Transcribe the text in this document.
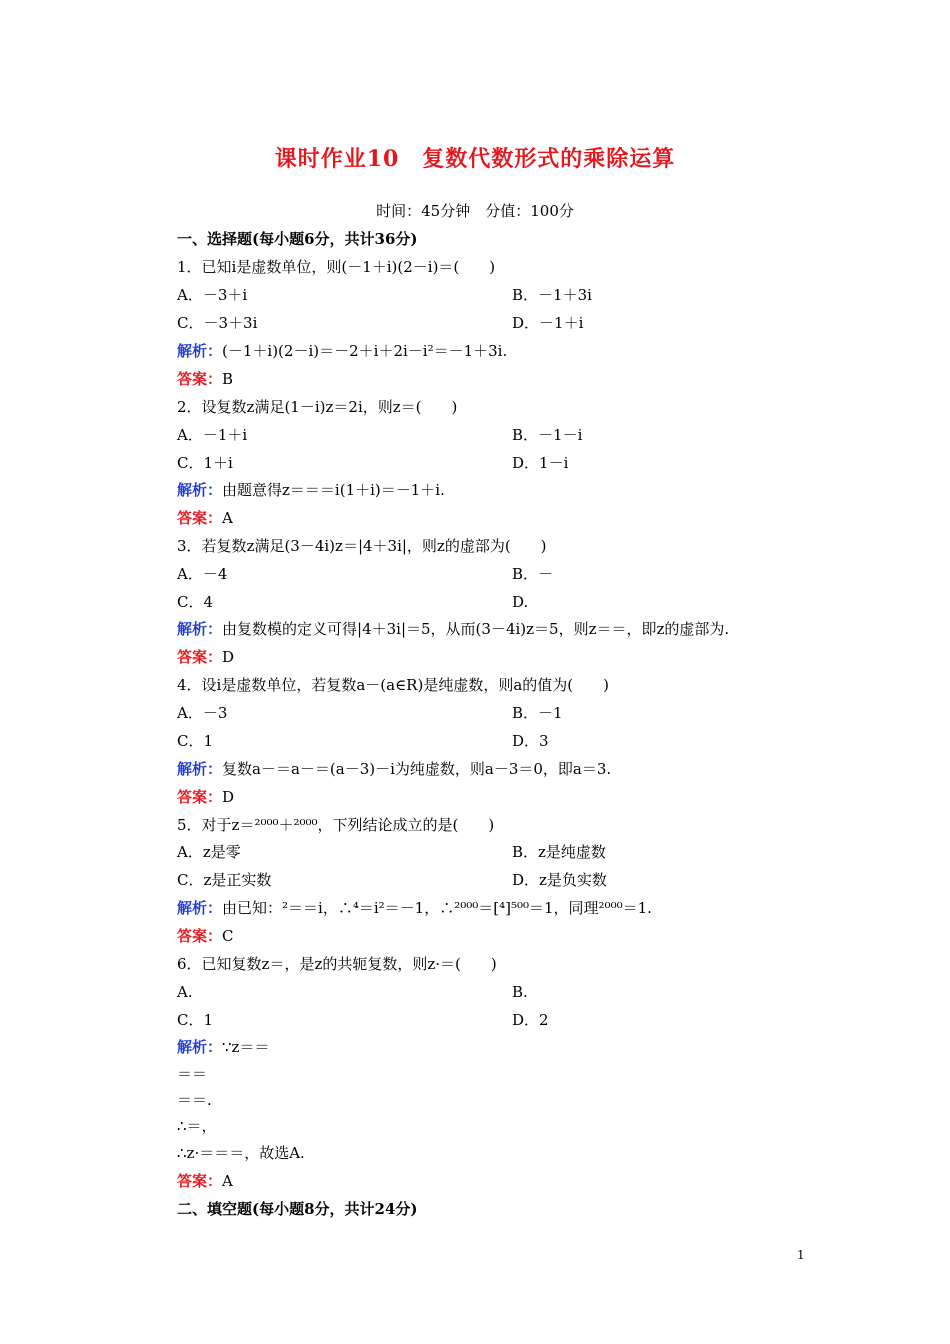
课时作业10　复数代数形式的乘除运算
时间：45分钟　分值：100分
一、选择题(每小题6分，共计36分)
1．已知i是虚数单位，则(－1＋i)(2－i)＝(　　)
A．－3＋i	B．－1＋3i
C．－3＋3i	D．－1＋i
解析：(－1＋i)(2－i)＝－2＋i＋2i－i²＝－1＋3i.
答案：B
2．设复数z满足(1－i)z＝2i，则z＝(　　)
A．－1＋i	B．－1－i
C．1＋i	D．1－i
解析：由题意得z＝＝＝i(1＋i)＝－1＋i.
答案：A
3．若复数z满足(3－4i)z＝|4＋3i|，则z的虚部为(　　)
A．－4	B．－
C．4	D.
解析：由复数模的定义可得|4＋3i|＝5，从而(3－4i)z＝5，则z＝＝，即z的虚部为.
答案：D
4．设i是虚数单位，若复数a－(a∈R)是纯虚数，则a的值为(　　)
A．－3	B．－1
C．1	D．3
解析：复数a－＝a－＝(a－3)－i为纯虚数，则a－3＝0，即a＝3.
答案：D
5．对于z＝²⁰⁰⁰＋²⁰⁰⁰，下列结论成立的是(　　)
A．z是零	B．z是纯虚数
C．z是正实数	D．z是负实数
解析：由已知：²＝＝i，∴⁴＝i²＝－1，∴²⁰⁰⁰＝[⁴]⁵⁰⁰＝1，同理²⁰⁰⁰＝1.
答案：C
6．已知复数z＝，是z的共轭复数，则z·＝(　　)
A.	B.
C．1	D．2
解析：∵z＝＝
＝＝
＝＝.
∴＝，
∴z·＝＝＝，故选A.
答案：A
二、填空题(每小题8分，共计24分)
1
